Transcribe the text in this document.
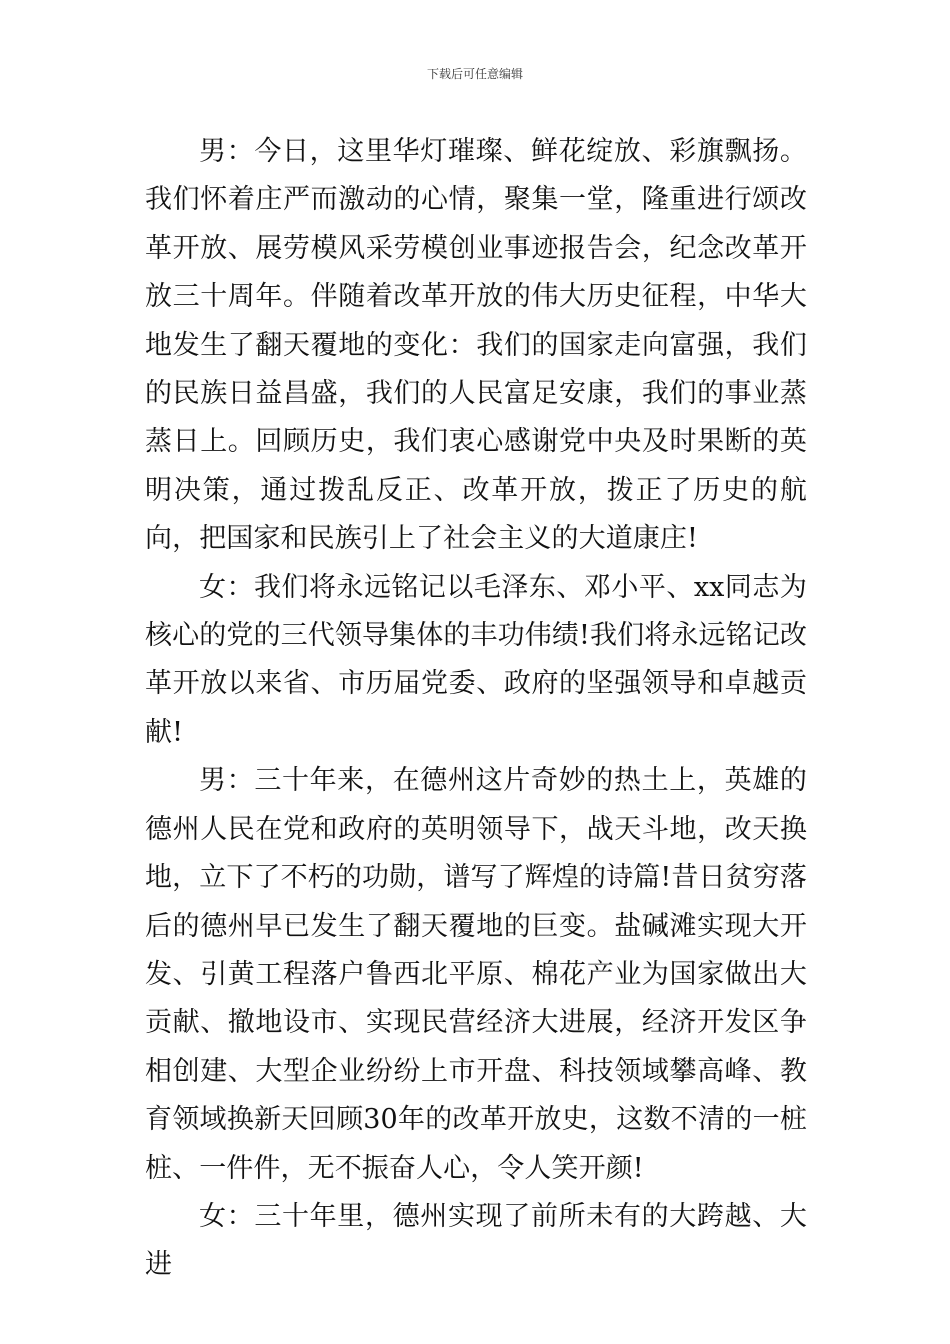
下载后可任意编辑

男：今日，这里华灯璀璨、鲜花绽放、彩旗飘扬。我们怀着庄严而激动的心情，聚集一堂，隆重进行颂改革开放、展劳模风采劳模创业事迹报告会，纪念改革开放三十周年。伴随着改革开放的伟大历史征程，中华大地发生了翻天覆地的变化：我们的国家走向富强，我们的民族日益昌盛，我们的人民富足安康，我们的事业蒸蒸日上。回顾历史，我们衷心感谢党中央及时果断的英明决策，通过拨乱反正、改革开放，拨正了历史的航向，把国家和民族引上了社会主义的大道康庄!

女：我们将永远铭记以毛泽东、邓小平、xx同志为核心的党的三代领导集体的丰功伟绩!我们将永远铭记改革开放以来省、市历届党委、政府的坚强领导和卓越贡献!

男：三十年来，在德州这片奇妙的热土上，英雄的德州人民在党和政府的英明领导下，战天斗地，改天换地，立下了不朽的功勋，谱写了辉煌的诗篇!昔日贫穷落后的德州早已发生了翻天覆地的巨变。盐碱滩实现大开发、引黄工程落户鲁西北平原、棉花产业为国家做出大贡献、撤地设市、实现民营经济大进展，经济开发区争相创建、大型企业纷纷上市开盘、科技领域攀高峰、教育领域换新天回顾30年的改革开放史，这数不清的一桩桩、一件件，无不振奋人心，令人笑开颜!

女：三十年里，德州实现了前所未有的大跨越、大进
